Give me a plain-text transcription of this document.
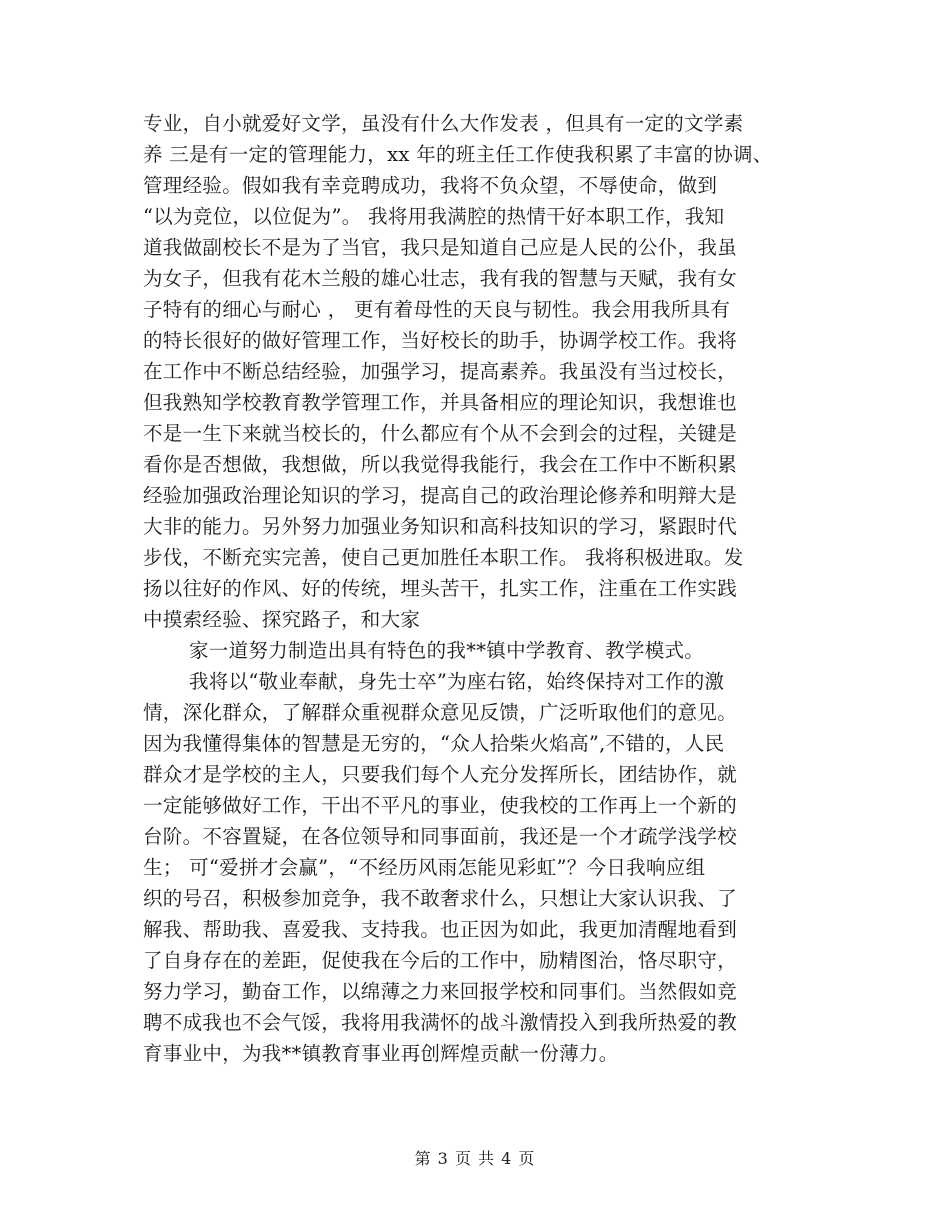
专业，自小就爱好文学，虽没有什么大作发表 ，但具有一定的文学素
养 三是有一定的管理能力，xx 年的班主任工作使我积累了丰富的协调、
管理经验。假如我有幸竞聘成功，我将不负众望，不辱使命，做到
“以为竞位，以位促为”。 我将用我满腔的热情干好本职工作，我知
道我做副校长不是为了当官，我只是知道自己应是人民的公仆，我虽
为女子，但我有花木兰般的雄心壮志，我有我的智慧与天赋，我有女
子特有的细心与耐心 ， 更有着母性的天良与韧性。我会用我所具有
的特长很好的做好管理工作，当好校长的助手，协调学校工作。我将
在工作中不断总结经验，加强学习，提高素养。我虽没有当过校长，
但我熟知学校教育教学管理工作，并具备相应的理论知识，我想谁也
不是一生下来就当校长的，什么都应有个从不会到会的过程，关键是
看你是否想做，我想做，所以我觉得我能行，我会在工作中不断积累
经验加强政治理论知识的学习，提高自己的政治理论修养和明辩大是
大非的能力。另外努力加强业务知识和高科技知识的学习，紧跟时代
步伐，不断充实完善，使自己更加胜任本职工作。 我将积极进取。发
扬以往好的作风、好的传统，埋头苦干，扎实工作，注重在工作实践
中摸索经验、探究路子，和大家
家一道努力制造出具有特色的我**镇中学教育、教学模式。
我将以“敬业奉献，身先士卒”为座右铭，始终保持对工作的激
情，深化群众，了解群众重视群众意见反馈，广泛听取他们的意见。
因为我懂得集体的智慧是无穷的，“众人拾柴火焰高”,不错的，人民
群众才是学校的主人，只要我们每个人充分发挥所长，团结协作，就
一定能够做好工作，干出不平凡的事业，使我校的工作再上一个新的
台阶。不容置疑，在各位领导和同事面前，我还是一个才疏学浅学校
生； 可“爱拼才会赢”，“不经历风雨怎能见彩虹”？今日我响应组
织的号召，积极参加竞争，我不敢奢求什么，只想让大家认识我、了
解我、帮助我、喜爱我、支持我。也正因为如此，我更加清醒地看到
了自身存在的差距，促使我在今后的工作中，励精图治，恪尽职守，
努力学习，勤奋工作，以绵薄之力来回报学校和同事们。当然假如竞
聘不成我也不会气馁，我将用我满怀的战斗激情投入到我所热爱的教
育事业中，为我**镇教育事业再创辉煌贡献一份薄力。
第 3 页 共 4 页
